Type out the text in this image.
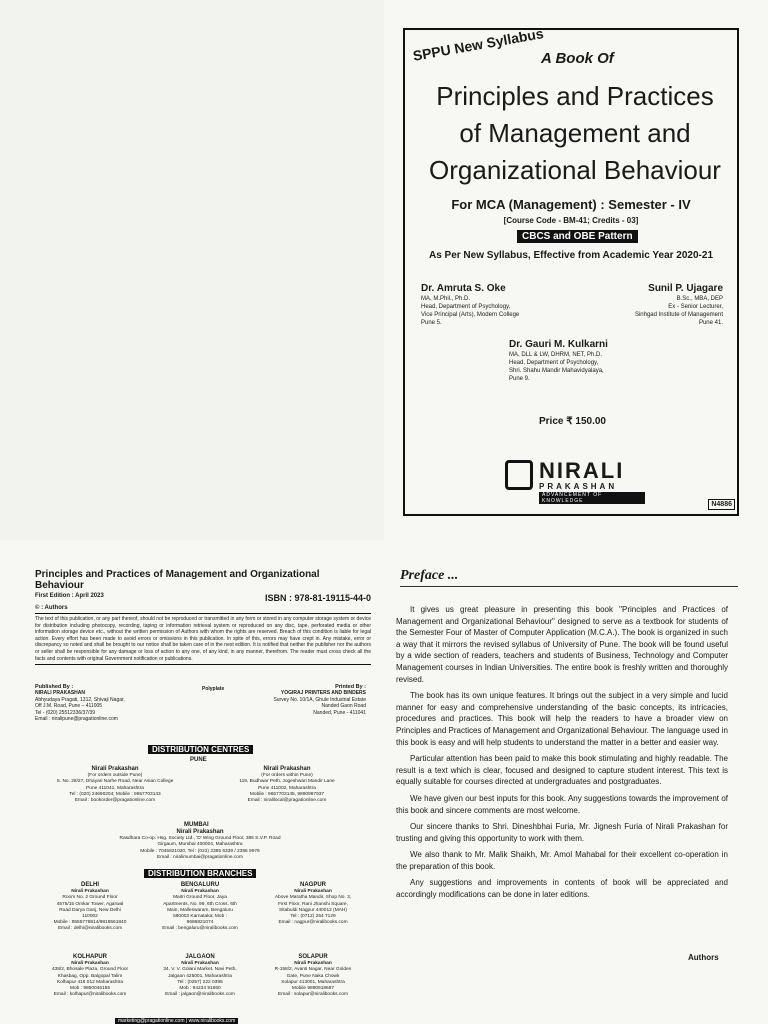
SPPU New Syllabus
A Book Of
Principles and Practices of Management and Organizational Behaviour
For MCA (Management) : Semester - IV
[Course Code - BM-41; Credits - 03]
CBCS and OBE Pattern
As Per New Syllabus, Effective from Academic Year 2020-21
Dr. Amruta S. Oke
MA, M.Phil., Ph.D.
Head, Department of Psychology,
Vice Principal (Arts), Modern College
Pune 5.
Sunil P. Ujagare
B.Sc., MBA, DEP
Ex - Senior Lecturer,
Sinhgad Institute of Management
Pune 41.
Dr. Gauri M. Kulkarni
MA, DLL & LW, DHRM, NET, Ph.D.
Head, Department of Psychology,
Shri. Shahu Mandir Mahavidyalaya,
Pune 9.
Price ₹ 150.00
NIRALI
PRAKASHAN
ADVANCEMENT OF KNOWLEDGE	N4886
Principles and Practices of Management and Organizational Behaviour
First Edition : April 2023	ISBN : 978-81-19115-44-0
© : Authors
The text of this publication, or any part thereof, should not be reproduced or transmitted in any form or stored in any computer storage system or device for distribution including photocopy, recording, taping or information retrieval system or reproduced on any disc, tape, perforated media or other information storage device etc., without the written permission of Authors with whom the rights are reserved. Breach of this condition is liable for legal action. Every effort has been made to avoid errors or omissions in this publication. In spite of this, errors may have crept in. Any mistake, error or discrepancy so noted and shall be brought to our notice shall be taken care of in the next edition. It is notified that neither the publisher nor the authors or seller shall be responsible for any damage or loss of action to any one, of any kind, in any manner, therefrom. The reader must cross check all the facts and contents with original Government notification or publications.
Published By :
NIRALI PRAKASHAN
Abhyudaya Pragati, 1312, Shivaji Nagar,
Off J.M. Road, Pune – 411005
Tel - (020) 25512336/37/39
Email : niralipune@pragationline.com
Polyplate	Printed By :
YOGIRAJ PRINTERS AND BINDERS
Survey No. 10/1A, Ghule Industrial Estate
Nanded Gaon Road
Nanded, Pune - 411041
DISTRIBUTION CENTRES
PUNE
Nirali Prakashan
(For orders outside Pune)
S. No. 28/27, Dhayari Narhe Road, Near Asian College
Pune 411041, Maharashtra
Tel : (020) 24690204; Mobile : 9657703143
Email : bookorder@pragationline.com
Nirali Prakashan
(For orders within Pune)
119, Budhwar Peth, Jogeshwari Mandir Lane
Pune 411002, Maharashtra
Mobile : 9657703145, 9890997937
Email : niralilocal@pragationline.com
MUMBAI
Nirali Prakashan
Rasdhara Co-op. Hsg. Society Ltd., 'D' Wing Ground Floor, 385 S.V.P. Road
Girgaum, Mumbai 400004, Maharashtra
Mobile : 7045821020, Tel : (022) 2385 6339 / 2386 9976
Email : niralimumbai@pragationline.com
DISTRIBUTION BRANCHES
DELHI
Nirali Prakashan
Room No. 2 Ground Floor
4575/15 Omkar Tower, Agarwal
Road Darya Ganj, New Delhi
110002
Mobile : 9555778814/9818561840
Email : delhi@niralibooks.com
BENGALURU
Nirali Prakashan
Maitri Ground Floor, Jaya
Apartments, No. 99, 6th Cross, 6th
Main, Malleswaram, Bengaluru
560003 Karnataka; Mob :
9686821074
Email : bengaluru@niralibooks.com
NAGPUR
Nirali Prakashan
Above Maratha Mandir, Shop No. 3,
First Floor, Rani Jhanshi Square,
Sitabuldi Nagpur 440012 (MAH)
Tel : (0712) 254 7129
Email : nagpur@niralibooks.com
KOLHAPUR
Nirali Prakashan
438/2, Bhosale Plaza, Ground Floor
Khasbag, Opp. Balgopal Talim
Kolhapur 416 012 Maharashtra
Mob : 9850046155
Email : kolhapur@niralibooks.com
JALGAON
Nirali Prakashan
34, V. V. Golani Market, Navi Peth,
Jalgaon 425001, Maharashtra
Tel : (0257) 222 0395
Mob : 94234 91860
Email : jalgaon@niralibooks.com
SOLAPUR
Nirali Prakashan
R-158/2, Avanti Nagar, Near Golden
Gate, Pune Naka Chowk
Solapur 413001, Maharashtra
Mobile 9890918687
Email : solapur@niralibooks.com
marketing@pragationline.com | www.niralibooks.com
Preface ...

It gives us great pleasure in presenting this book "Principles and Practices of Management and Organizational Behaviour" designed to serve as a textbook for students of the Semester Four of Master of Computer Application (M.C.A.). The book is organized in such a way that it mirrors the revised syllabus of University of Pune. The book will be found useful by a wide section of readers, teachers and students of Business, Technology and Computer Management courses in Indian Universities. The entire book is freshly written and thoroughly revised.

The book has its own unique features. It brings out the subject in a very simple and lucid manner for easy and comprehensive understanding of the basic concepts, its intricacies, procedures and practices. This book will help the readers to have a broader view on Principles and Practices of Management and Organizational Behaviour. The language used in this book is easy and will help students to understand the matter in a better and easier way.

Particular attention has been paid to make this book stimulating and highly readable. The result is a text which is clear, focused and designed to capture student interest. This text is equally suitable for courses directed at undergraduates and postgraduates.

We have given our best inputs for this book. Any suggestions towards the improvement of this book and sincere comments are most welcome.

Our sincere thanks to Shri. Dineshbhai Furia, Mr. Jignesh Furia of Nirali Prakashan for trusting and giving this opportunity to work with them.

We also thank to Mr. Malik Shaikh, Mr. Amol Mahabal for their excellent co-operation in the preparation of this book.

Any suggestions and improvements in contents of book will be appreciated and accordingly modifications can be done in later editions.

Authors
